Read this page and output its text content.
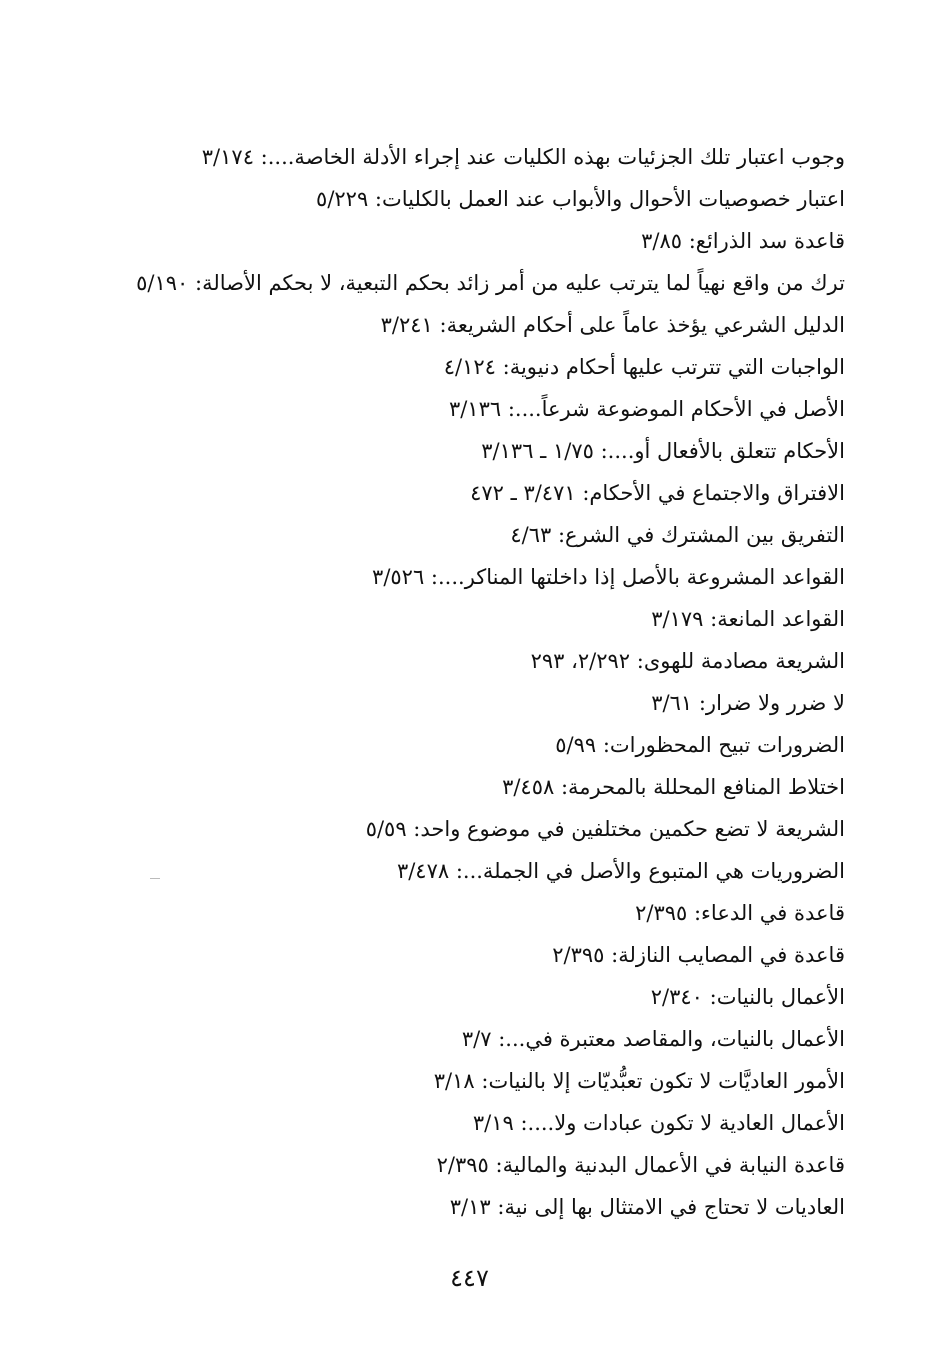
وجوب اعتبار تلك الجزئيات بهذه الكليات عند إجراء الأدلة الخاصة....: ٣/١٧٤
اعتبار خصوصيات الأحوال والأبواب عند العمل بالكليات: ٥/٢٢٩
قاعدة سد الذرائع: ٣/٨٥
ترك من واقع نهياً لما يترتب عليه من أمر زائد بحكم التبعية، لا بحكم الأصالة: ٥/١٩٠
الدليل الشرعي يؤخذ عاماً على أحكام الشريعة: ٣/٢٤١
الواجبات التي تترتب عليها أحكام دنيوية: ٤/١٢٤
الأصل في الأحكام الموضوعة شرعاً....: ٣/١٣٦
الأحكام تتعلق بالأفعال أو....: ١/٧٥ ـ ٣/١٣٦
الافتراق والاجتماع في الأحكام: ٣/٤٧١ ـ ٤٧٢
التفريق بين المشترك في الشرع: ٤/٦٣
القواعد المشروعة بالأصل إذا داخلتها المناكر....: ٣/٥٢٦
القواعد المانعة: ٣/١٧٩
الشريعة مصادمة للهوى: ٢/٢٩٢، ٢٩٣
لا ضرر ولا ضرار: ٣/٦١
الضرورات تبيح المحظورات: ٥/٩٩
اختلاط المنافع المحللة بالمحرمة: ٣/٤٥٨
الشريعة لا تضع حكمين مختلفين في موضوع واحد: ٥/٥٩
الضروريات هي المتبوع والأصل في الجملة...: ٣/٤٧٨
قاعدة في الدعاء: ٢/٣٩٥
قاعدة في المصايب النازلة: ٢/٣٩٥
الأعمال بالنيات: ٢/٣٤٠
الأعمال بالنيات، والمقاصد معتبرة في...: ٣/٧
الأمور العاديَّات لا تكون تعبُّديّات إلا بالنيات: ٣/١٨
الأعمال العادية لا تكون عبادات ولا....: ٣/١٩
قاعدة النيابة في الأعمال البدنية والمالية: ٢/٣٩٥
العاديات لا تحتاج في الامتثال بها إلى نية: ٣/١٣
٤٤٧
